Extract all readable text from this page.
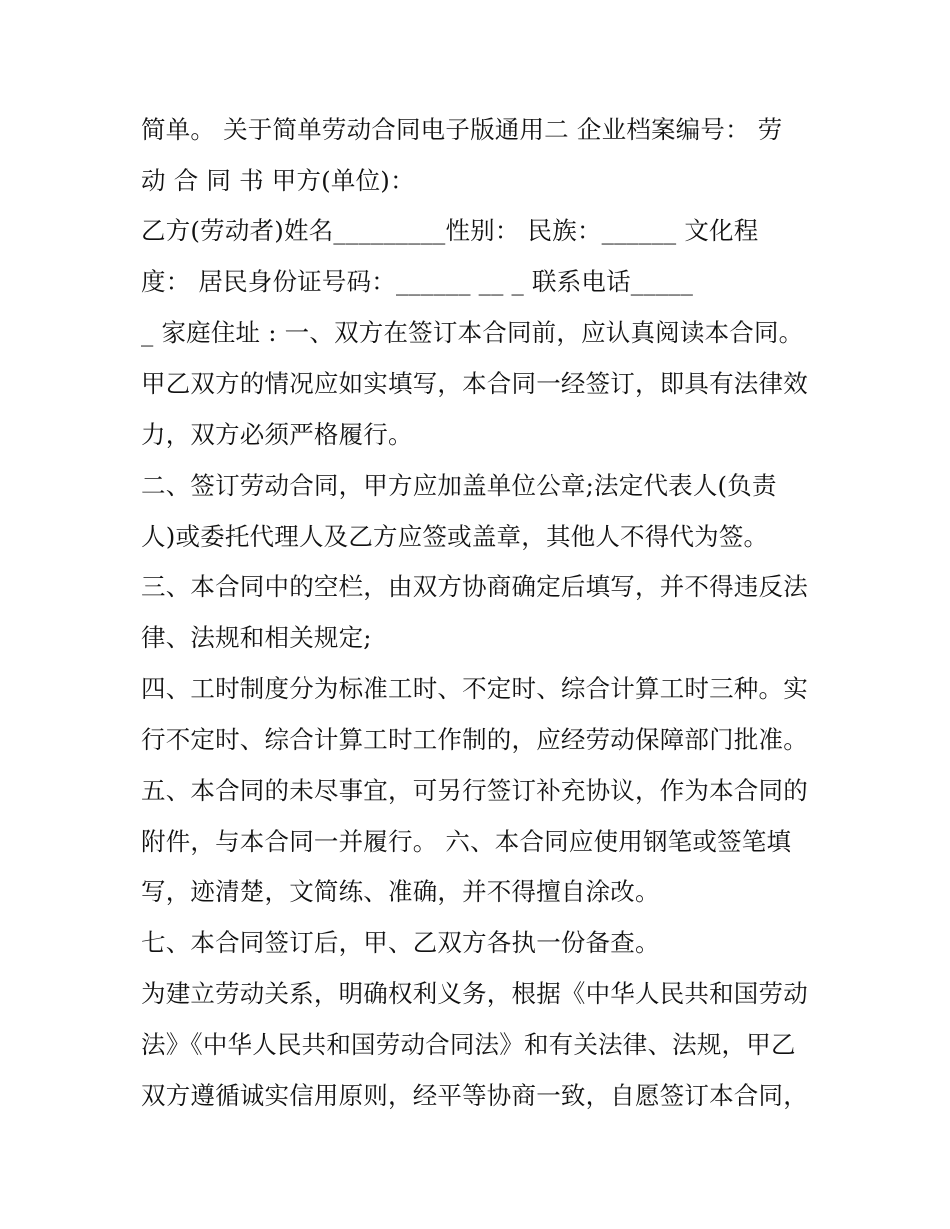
简单。 关于简单劳动合同电子版通用二 企业档案编号： 劳
动 合 同 书 甲方(单位)：
乙方(劳动者)姓名_________性别： 民族：______ 文化程
度： 居民身份证号码：______ __ _ 联系电话_____
_ 家庭住址 : 一、双方在签订本合同前，应认真阅读本合同。
甲乙双方的情况应如实填写，本合同一经签订，即具有法律效
力，双方必须严格履行。
二、签订劳动合同，甲方应加盖单位公章;法定代表人(负责
人)或委托代理人及乙方应签或盖章，其他人不得代为签。
三、本合同中的空栏，由双方协商确定后填写，并不得违反法
律、法规和相关规定;
四、工时制度分为标准工时、不定时、综合计算工时三种。实
行不定时、综合计算工时工作制的，应经劳动保障部门批准。
五、本合同的未尽事宜，可另行签订补充协议，作为本合同的
附件，与本合同一并履行。 六、本合同应使用钢笔或签笔填
写，迹清楚，文简练、准确，并不得擅自涂改。
七、本合同签订后，甲、乙双方各执一份备查。
为建立劳动关系，明确权利义务，根据《中华人民共和国劳动
法》《中华人民共和国劳动合同法》和有关法律、法规，甲乙
双方遵循诚实信用原则，经平等协商一致，自愿签订本合同，
